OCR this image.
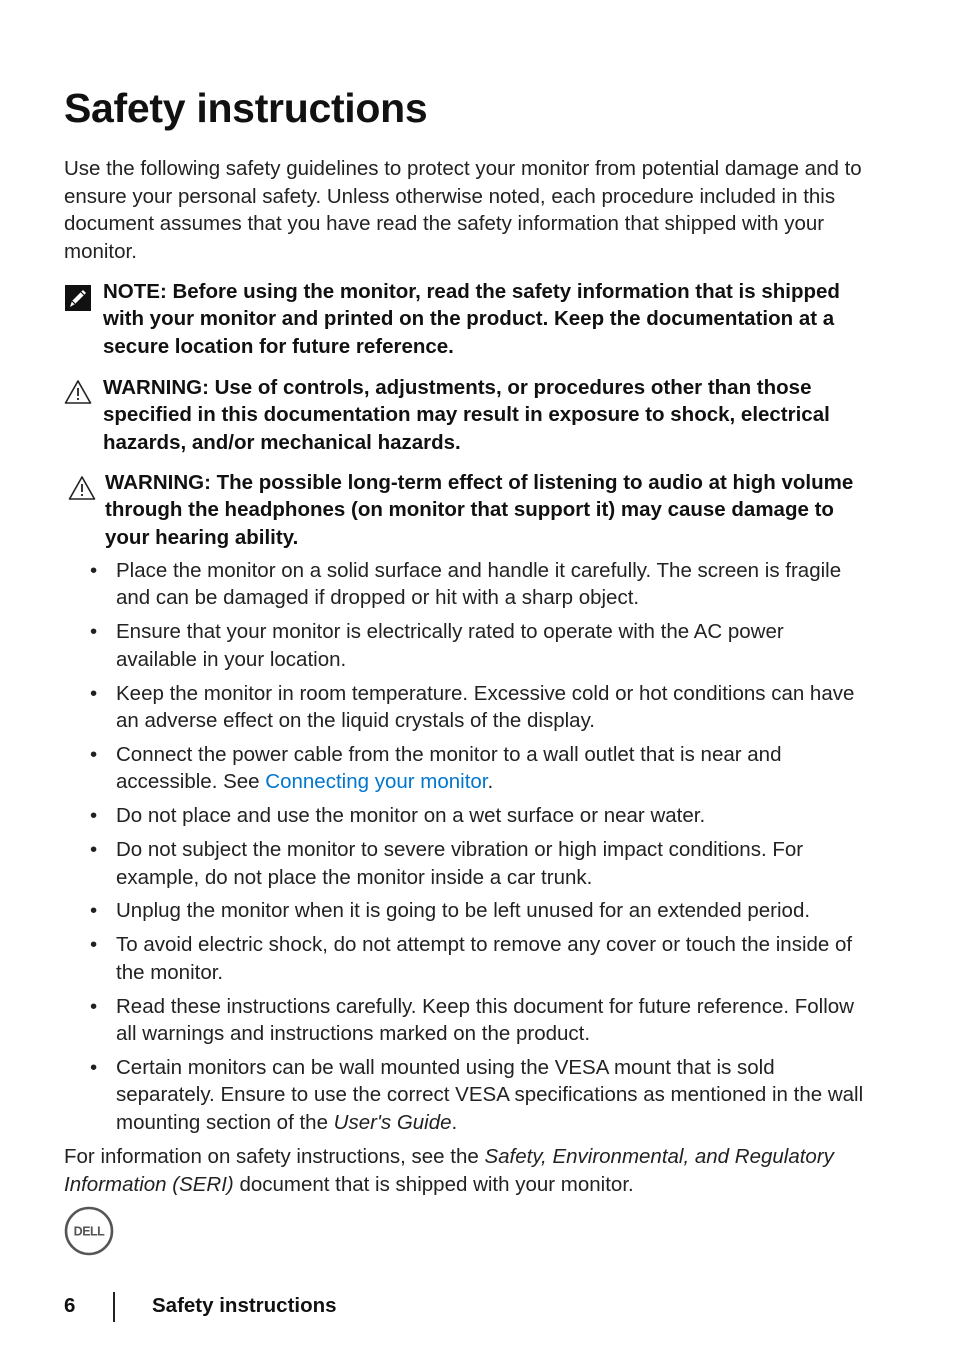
Safety instructions

Use the following safety guidelines to protect your monitor from potential damage and to ensure your personal safety. Unless otherwise noted, each procedure included in this document assumes that you have read the safety information that shipped with your monitor.

NOTE: Before using the monitor, read the safety information that is shipped with your monitor and printed on the product. Keep the documentation at a secure location for future reference.

WARNING: Use of controls, adjustments, or procedures other than those specified in this documentation may result in exposure to shock, electrical hazards, and/or mechanical hazards.

WARNING: The possible long-term effect of listening to audio at high volume through the headphones (on monitor that support it) may cause damage to your hearing ability.

• Place the monitor on a solid surface and handle it carefully. The screen is fragile and can be damaged if dropped or hit with a sharp object.
• Ensure that your monitor is electrically rated to operate with the AC power available in your location.
• Keep the monitor in room temperature. Excessive cold or hot conditions can have an adverse effect on the liquid crystals of the display.
• Connect the power cable from the monitor to a wall outlet that is near and accessible. See Connecting your monitor.
• Do not place and use the monitor on a wet surface or near water.
• Do not subject the monitor to severe vibration or high impact conditions. For example, do not place the monitor inside a car trunk.
• Unplug the monitor when it is going to be left unused for an extended period.
• To avoid electric shock, do not attempt to remove any cover or touch the inside of the monitor.
• Read these instructions carefully. Keep this document for future reference. Follow all warnings and instructions marked on the product.
• Certain monitors can be wall mounted using the VESA mount that is sold separately. Ensure to use the correct VESA specifications as mentioned in the wall mounting section of the User's Guide.

For information on safety instructions, see the Safety, Environmental, and Regulatory Information (SERI) document that is shipped with your monitor.

DELL
6	Safety instructions
